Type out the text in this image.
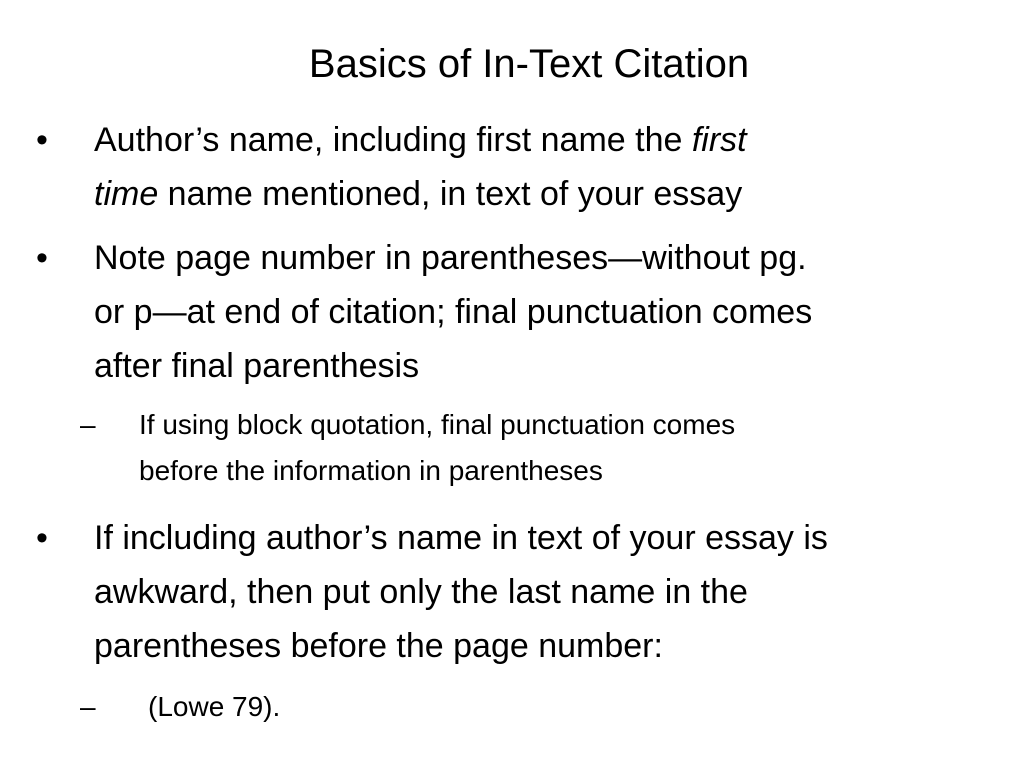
Basics of In-Text Citation
• Author’s name, including first name the first
time name mentioned, in text of your essay
• Note page number in parentheses—without pg.
or p—at end of citation; final punctuation comes
after final parenthesis
– If using block quotation, final punctuation comes
before the information in parentheses
• If including author’s name in text of your essay is
awkward, then put only the last name in the
parentheses before the page number:
– (Lowe 79).
